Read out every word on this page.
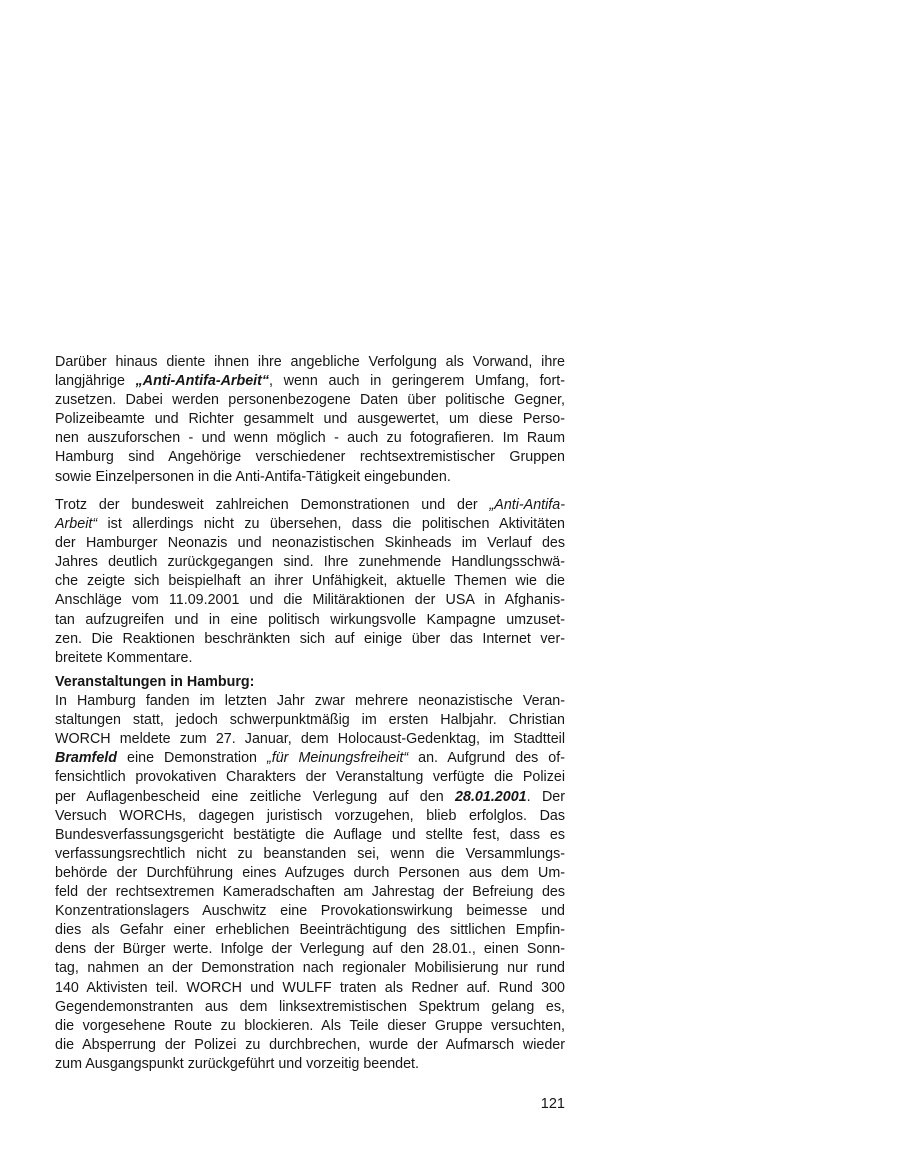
Darüber hinaus diente ihnen ihre angebliche Verfolgung als Vorwand, ihre
langjährige „Anti-Antifa-Arbeit“, wenn auch in geringerem Umfang, fort-
zusetzen. Dabei werden personenbezogene Daten über politische Gegner,
Polizeibeamte und Richter gesammelt und ausgewertet, um diese Perso-
nen auszuforschen - und wenn möglich - auch zu fotografieren. Im Raum
Hamburg sind Angehörige verschiedener rechtsextremistischer Gruppen
sowie Einzelpersonen in die Anti-Antifa-Tätigkeit eingebunden.
Trotz der bundesweit zahlreichen Demonstrationen und der „Anti-Antifa-
Arbeit“ ist allerdings nicht zu übersehen, dass die politischen Aktivitäten
der Hamburger Neonazis und neonazistischen Skinheads im Verlauf des
Jahres deutlich zurückgegangen sind. Ihre zunehmende Handlungsschwä-
che zeigte sich beispielhaft an ihrer Unfähigkeit, aktuelle Themen wie die
Anschläge vom 11.09.2001 und die Militäraktionen der USA in Afghanis-
tan aufzugreifen und in eine politisch wirkungsvolle Kampagne umzuset-
zen. Die Reaktionen beschränkten sich auf einige über das Internet ver-
breitete Kommentare.
Veranstaltungen in Hamburg:
In Hamburg fanden im letzten Jahr zwar mehrere neonazistische Veran-
staltungen statt, jedoch schwerpunktmäßig im ersten Halbjahr. Christian
WORCH meldete zum 27. Januar, dem Holocaust-Gedenktag, im Stadtteil
Bramfeld eine Demonstration „für Meinungsfreiheit“ an. Aufgrund des of-
fensichtlich provokativen Charakters der Veranstaltung verfügte die Polizei
per Auflagenbescheid eine zeitliche Verlegung auf den 28.01.2001. Der
Versuch WORCHs, dagegen juristisch vorzugehen, blieb erfolglos. Das
Bundesverfassungsgericht bestätigte die Auflage und stellte fest, dass es
verfassungsrechtlich nicht zu beanstanden sei, wenn die Versammlungs-
behörde der Durchführung eines Aufzuges durch Personen aus dem Um-
feld der rechtsextremen Kameradschaften am Jahrestag der Befreiung des
Konzentrationslagers Auschwitz eine Provokationswirkung beimesse und
dies als Gefahr einer erheblichen Beeinträchtigung des sittlichen Empfin-
dens der Bürger werte. Infolge der Verlegung auf den 28.01., einen Sonn-
tag, nahmen an der Demonstration nach regionaler Mobilisierung nur rund
140 Aktivisten teil. WORCH und WULFF traten als Redner auf. Rund 300
Gegendemonstranten aus dem linksextremistischen Spektrum gelang es,
die vorgesehene Route zu blockieren. Als Teile dieser Gruppe versuchten,
die Absperrung der Polizei zu durchbrechen, wurde der Aufmarsch wieder
zum Ausgangspunkt zurückgeführt und vorzeitig beendet.
121
